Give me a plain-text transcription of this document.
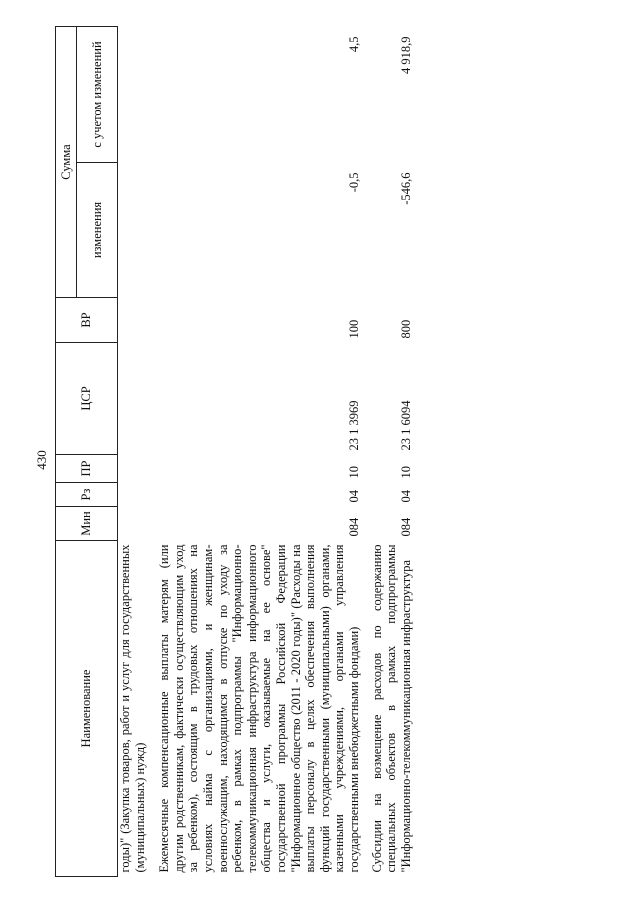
430
Наименование	Мин	Рз	ПР	ЦСР	ВР	Сумма	
						изменения	с учетом изменений
годы)" (Закупка товаров, работ и услуг для государственных (муниципальных) нужд)							
Ежемесячные компенсационные выплаты матерям (или другим родственникам, фактически осуществляющим уход за ребенком), состоящим в трудовых отношениях на условиях найма с организациями, и женщинам-военнослужащим, находящимся в отпуске по уходу за ребенком, в рамках подпрограммы "Информационно-телекоммуникационная инфраструктура информационного общества и услуги, оказываемые на ее основе" государственной программы Российской Федерации "Информационное общество (2011 - 2020 годы)" (Расходы на выплаты персоналу в целях обеспечения выполнения функций государственными (муниципальными) органами, казенными учреждениями, органами управления государственными внебюджетными фондами)	084	04	10	23 1 3969	100	-0,5	4,5
Субсидии на возмещение расходов по содержанию специальных объектов в рамках подпрограммы "Информационно-телекоммуникационная инфраструктура	084	04	10	23 1 6094	800	-546,6	4 918,9
